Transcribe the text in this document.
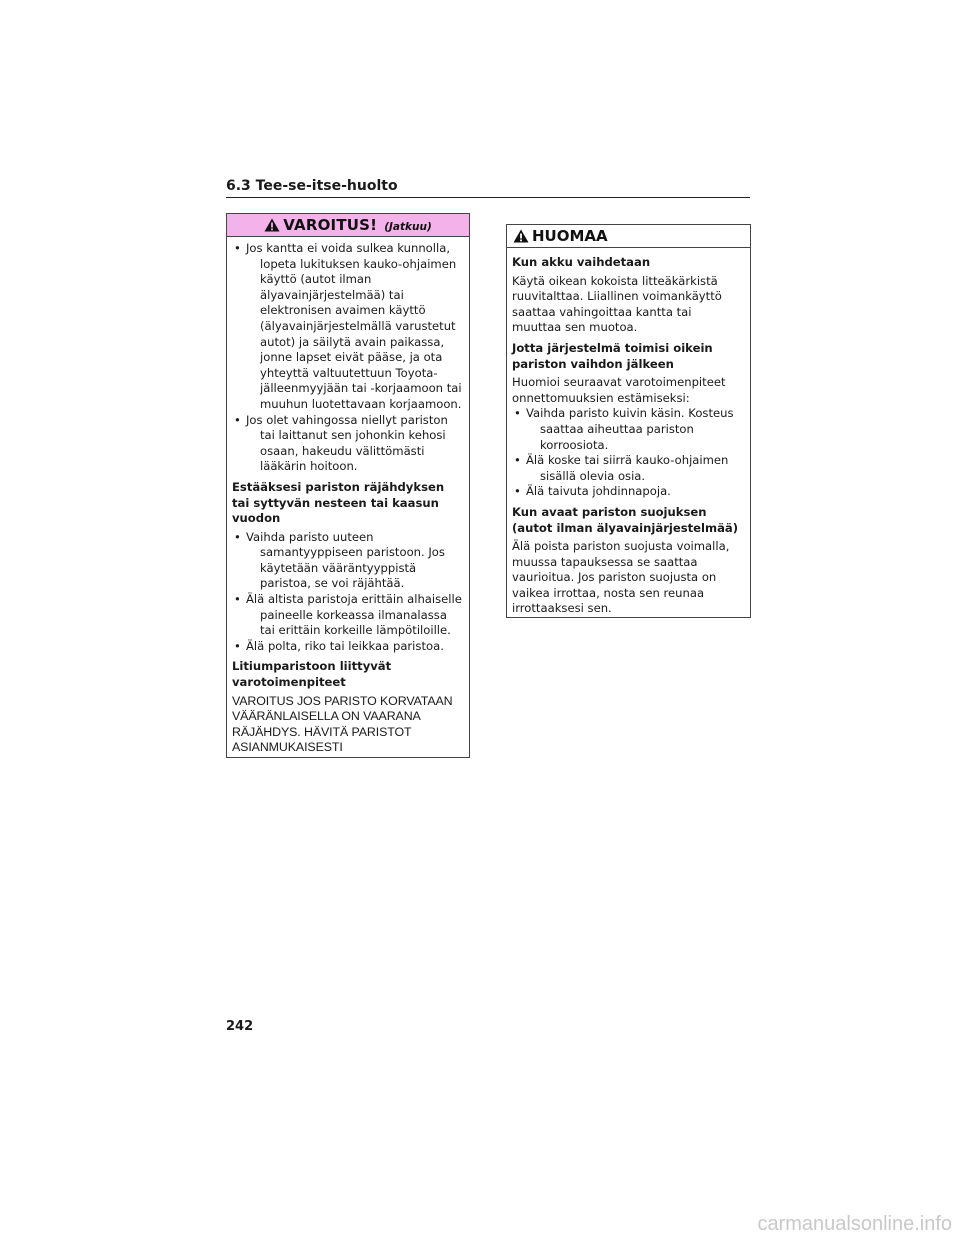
6.3 Tee-se-itse-huolto
VAROITUS! (Jatkuu)
• Jos kantta ei voida sulkea kunnolla, lopeta lukituksen kauko-ohjaimen käyttö (autot ilman älyavainjärjestelmää) tai elektronisen avaimen käyttö (älyavainjärjestelmällä varustetut autot) ja säilytä avain paikassa, jonne lapset eivät pääse, ja ota yhteyttä valtuutettuun Toyota-jälleenmyyjään tai -korjaamoon tai muuhun luotettavaan korjaamoon.
• Jos olet vahingossa niellyt pariston tai laittanut sen johonkin kehosi osaan, hakeudu välittömästi lääkärin hoitoon.

Estääksesi pariston räjähdyksen tai syttyvän nesteen tai kaasun vuodon

• Vaihda paristo uuteen samantyyppiseen paristoon. Jos käytetään vääräntyyppistä paristoa, se voi räjähtää.
• Älä altista paristoja erittäin alhaiselle paineelle korkeassa ilmanalassa tai erittäin korkeille lämpötiloille.
• Älä polta, riko tai leikkaa paristoa.

Litiumparistoon liittyvät varotoimenpiteet

VAROITUS JOS PARISTO KORVATAAN VÄÄRÄNLAISELLA ON VAARANA RÄJÄHDYS. HÄVITÄ PARISTOT ASIANMUKAISESTI

HUOMAA

Kun akku vaihdetaan

Käytä oikean kokoista litteäkärkistä ruuvitalttaa. Liiallinen voimankäyttö saattaa vahingoittaa kantta tai muuttaa sen muotoa.

Jotta järjestelmä toimisi oikein pariston vaihdon jälkeen

Huomioi seuraavat varotoimenpiteet onnettomuuksien estämiseksi:

• Vaihda paristo kuivin käsin. Kosteus saattaa aiheuttaa pariston korroosiota.
• Älä koske tai siirrä kauko-ohjaimen sisällä olevia osia.
• Älä taivuta johdinnapoja.

Kun avaat pariston suojuksen (autot ilman älyavainjärjestelmää)

Älä poista pariston suojusta voimalla, muussa tapauksessa se saattaa vaurioitua. Jos pariston suojusta on vaikea irrottaa, nosta sen reunaa irrottaaksesi sen.

242
carmanualsonline.info
